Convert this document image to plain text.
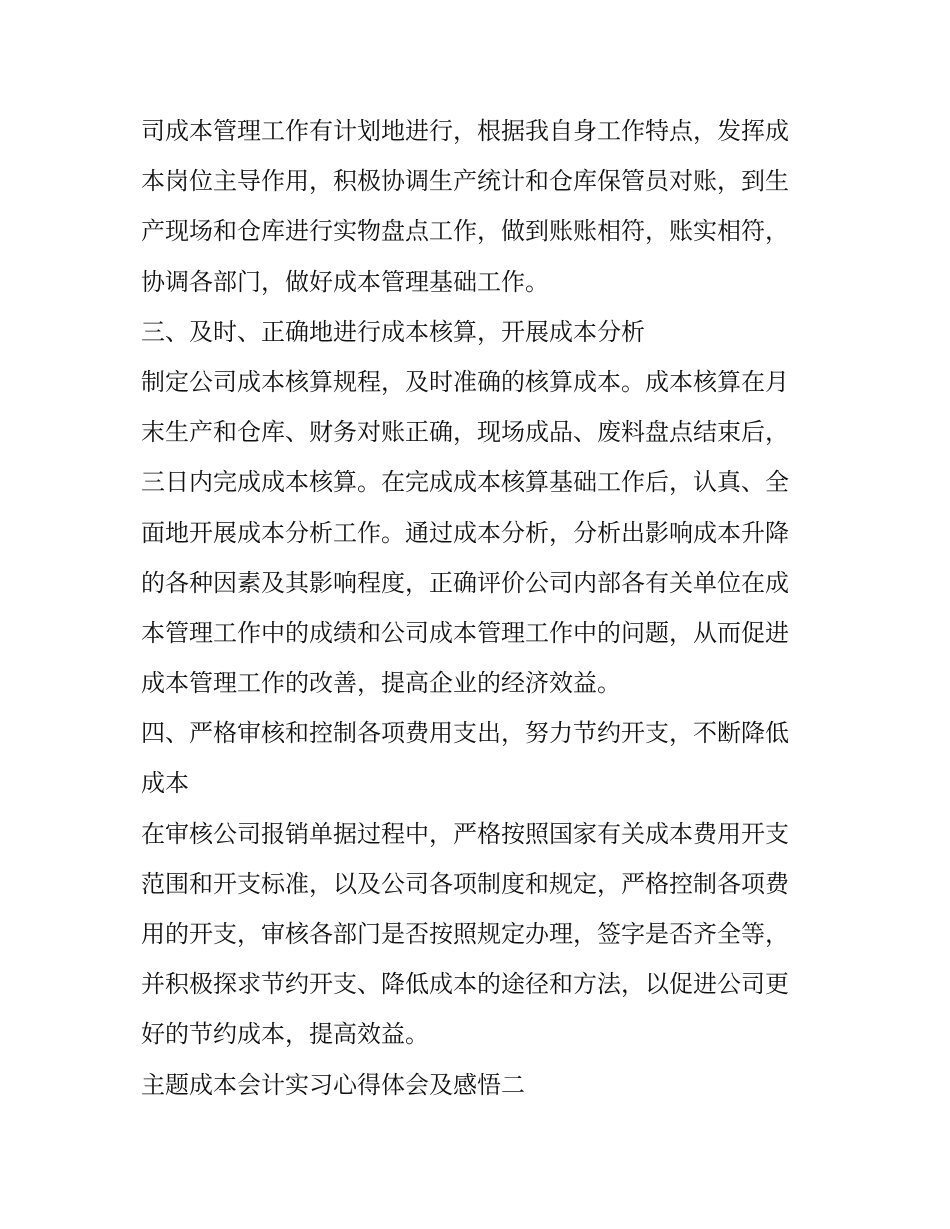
司成本管理工作有计划地进行，根据我自身工作特点，发挥成
本岗位主导作用，积极协调生产统计和仓库保管员对账，到生
产现场和仓库进行实物盘点工作，做到账账相符，账实相符，
协调各部门，做好成本管理基础工作。
三、及时、正确地进行成本核算，开展成本分析
制定公司成本核算规程，及时准确的核算成本。成本核算在月
末生产和仓库、财务对账正确，现场成品、废料盘点结束后，
三日内完成成本核算。在完成成本核算基础工作后，认真、全
面地开展成本分析工作。通过成本分析，分析出影响成本升降
的各种因素及其影响程度，正确评价公司内部各有关单位在成
本管理工作中的成绩和公司成本管理工作中的问题，从而促进
成本管理工作的改善，提高企业的经济效益。
四、严格审核和控制各项费用支出，努力节约开支，不断降低
成本
在审核公司报销单据过程中，严格按照国家有关成本费用开支
范围和开支标准，以及公司各项制度和规定，严格控制各项费
用的开支，审核各部门是否按照规定办理，签字是否齐全等，
并积极探求节约开支、降低成本的途径和方法，以促进公司更
好的节约成本，提高效益。
主题成本会计实习心得体会及感悟二
